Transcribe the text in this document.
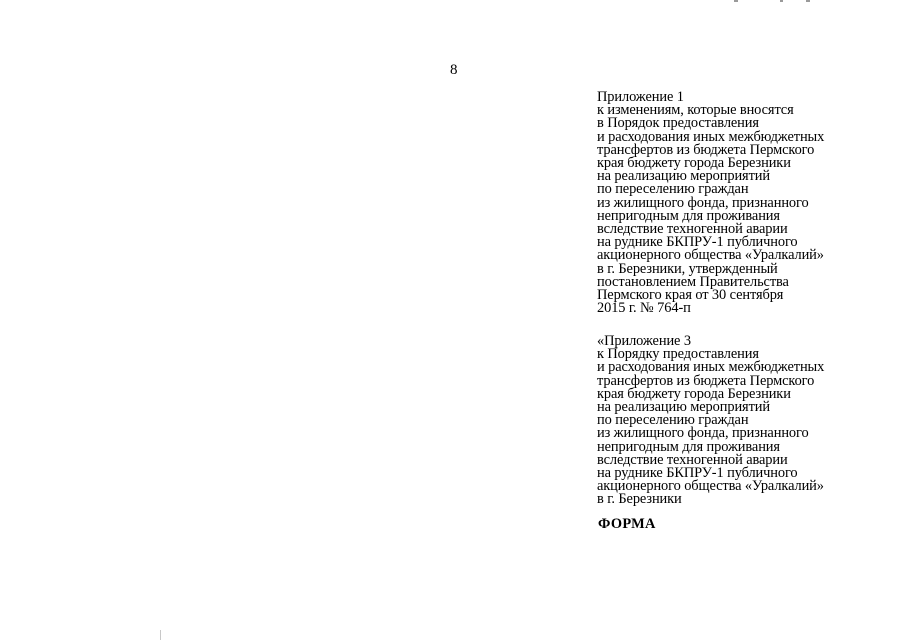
8
Приложение 1
к изменениям, которые вносятся
в Порядок предоставления
и расходования иных межбюджетных
трансфертов из бюджета Пермского
края бюджету города Березники
на реализацию мероприятий
по переселению граждан
из жилищного фонда, признанного
непригодным для проживания
вследствие техногенной аварии
на руднике БКПРУ-1 публичного
акционерного общества «Уралкалий»
в г. Березники, утвержденный
постановлением Правительства
Пермского края от 30 сентября
2015 г. № 764-п
«Приложение 3
к Порядку предоставления
и расходования иных межбюджетных
трансфертов из бюджета Пермского
края бюджету города Березники
на реализацию мероприятий
по переселению граждан
из жилищного фонда, признанного
непригодным для проживания
вследствие техногенной аварии
на руднике БКПРУ-1 публичного
акционерного общества «Уралкалий»
в г. Березники
ФОРМА
